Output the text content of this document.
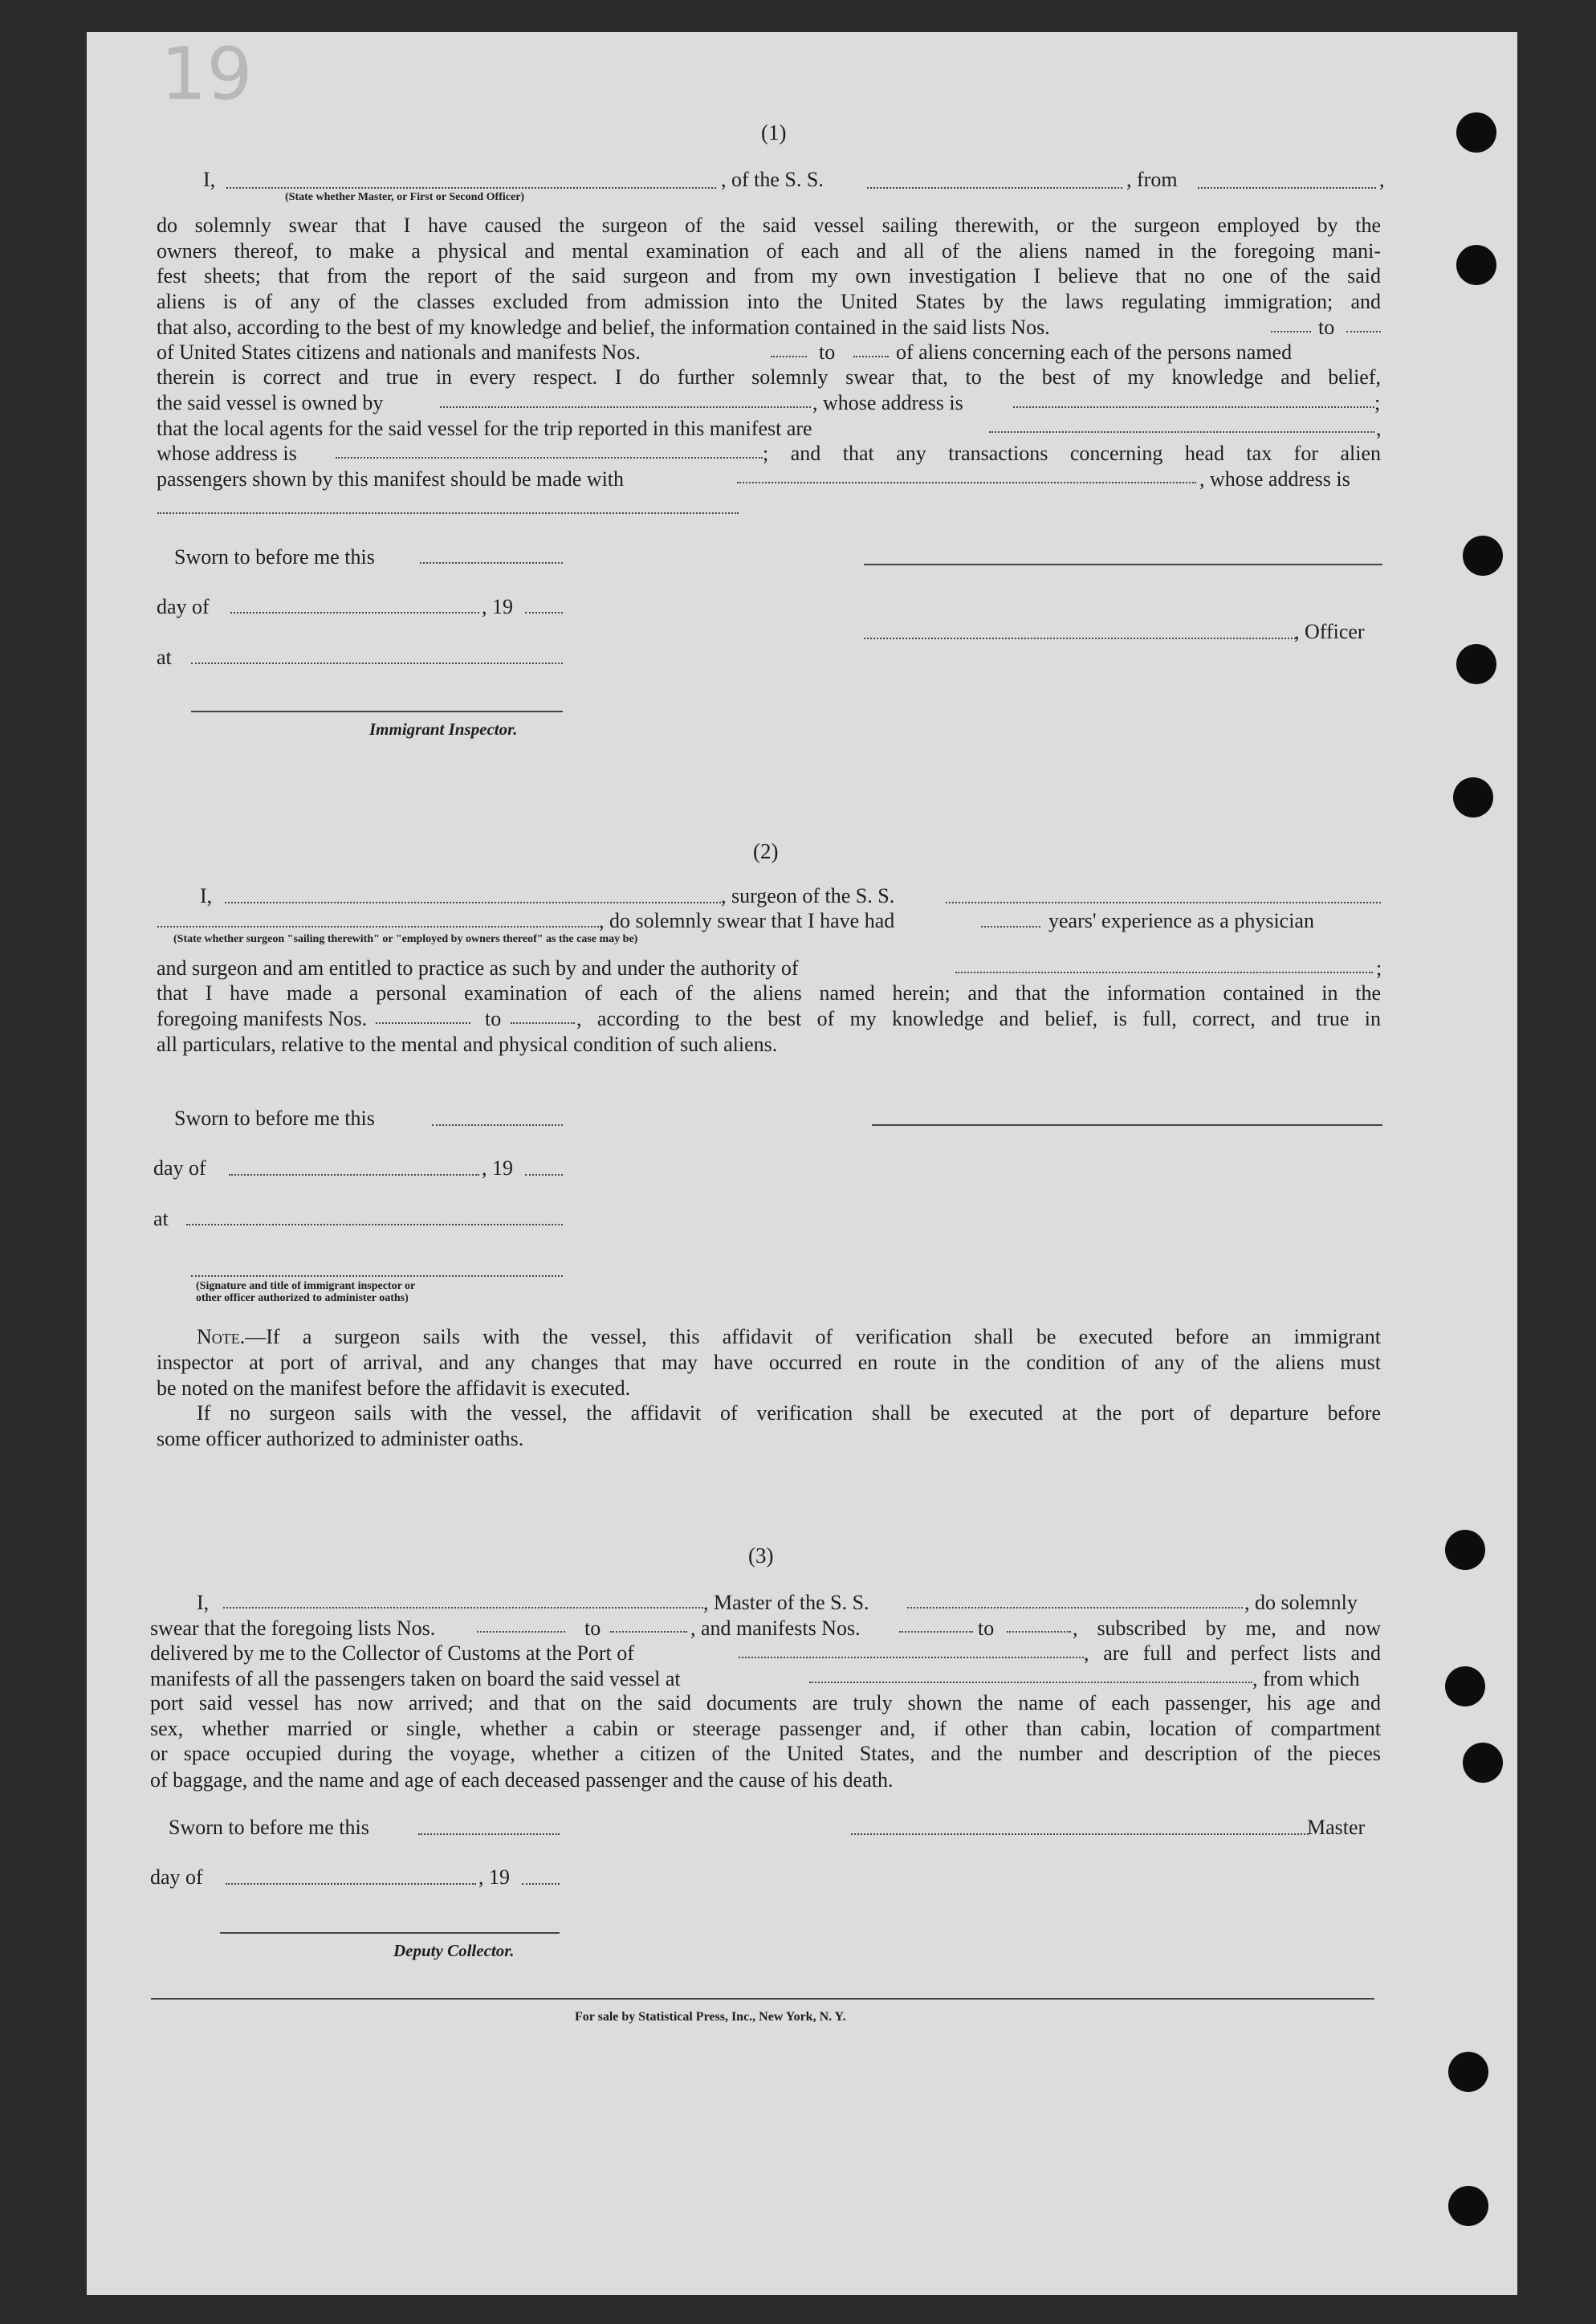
19
(1)
I,	, of the S. S.	, from	,
(State whether Master, or First or Second Officer)
do solemnly swear that I have caused the surgeon of the said vessel sailing therewith, or the surgeon employed by the
owners thereof, to make a physical and mental examination of each and all of the aliens named in the foregoing mani-
fest sheets; that from the report of the said surgeon and from my own investigation I believe that no one of the said
aliens is of any of the classes excluded from admission into the United States by the laws regulating immigration; and
that also, according to the best of my knowledge and belief, the information contained in the said lists Nos.	to
of United States citizens and nationals and manifests Nos.	to	of aliens concerning each of the persons named
therein is correct and true in every respect. I do further solemnly swear that, to the best of my knowledge and belief,
the said vessel is owned by	, whose address is	;
that the local agents for the said vessel for the trip reported in this manifest are	,
whose address is	; and that any transactions concerning head tax for alien
passengers shown by this manifest should be made with	, whose address is
Sworn to before me this
day of	, 19
, Officer
at
Immigrant Inspector.
(2)
I,	, surgeon of the S. S.
, do solemnly swear that I have had	years' experience as a physician
(State whether surgeon "sailing therewith" or "employed by owners thereof" as the case may be)
and surgeon and am entitled to practice as such by and under the authority of	;
that I have made a personal examination of each of the aliens named herein; and that the information contained in the
foregoing manifests Nos.	to	, according to the best of my knowledge and belief, is full, correct, and true in
all particulars, relative to the mental and physical condition of such aliens.
Sworn to before me this
day of	, 19
at
(Signature and title of immigrant inspector or
other officer authorized to administer oaths)
Note.—If a surgeon sails with the vessel, this affidavit of verification shall be executed before an immigrant
inspector at port of arrival, and any changes that may have occurred en route in the condition of any of the aliens must
be noted on the manifest before the affidavit is executed.
If no surgeon sails with the vessel, the affidavit of verification shall be executed at the port of departure before
some officer authorized to administer oaths.
(3)
I,	, Master of the S. S.	, do solemnly
swear that the foregoing lists Nos.	to	, and manifests Nos.	to	, subscribed by me, and now
delivered by me to the Collector of Customs at the Port of	, are full and perfect lists and
manifests of all the passengers taken on board the said vessel at	, from which
port said vessel has now arrived; and that on the said documents are truly shown the name of each passenger, his age and
sex, whether married or single, whether a cabin or steerage passenger and, if other than cabin, location of compartment
or space occupied during the voyage, whether a citizen of the United States, and the number and description of the pieces
of baggage, and the name and age of each deceased passenger and the cause of his death.
Sworn to before me this	Master
day of	, 19
Deputy Collector.
For sale by Statistical Press, Inc., New York, N. Y.
